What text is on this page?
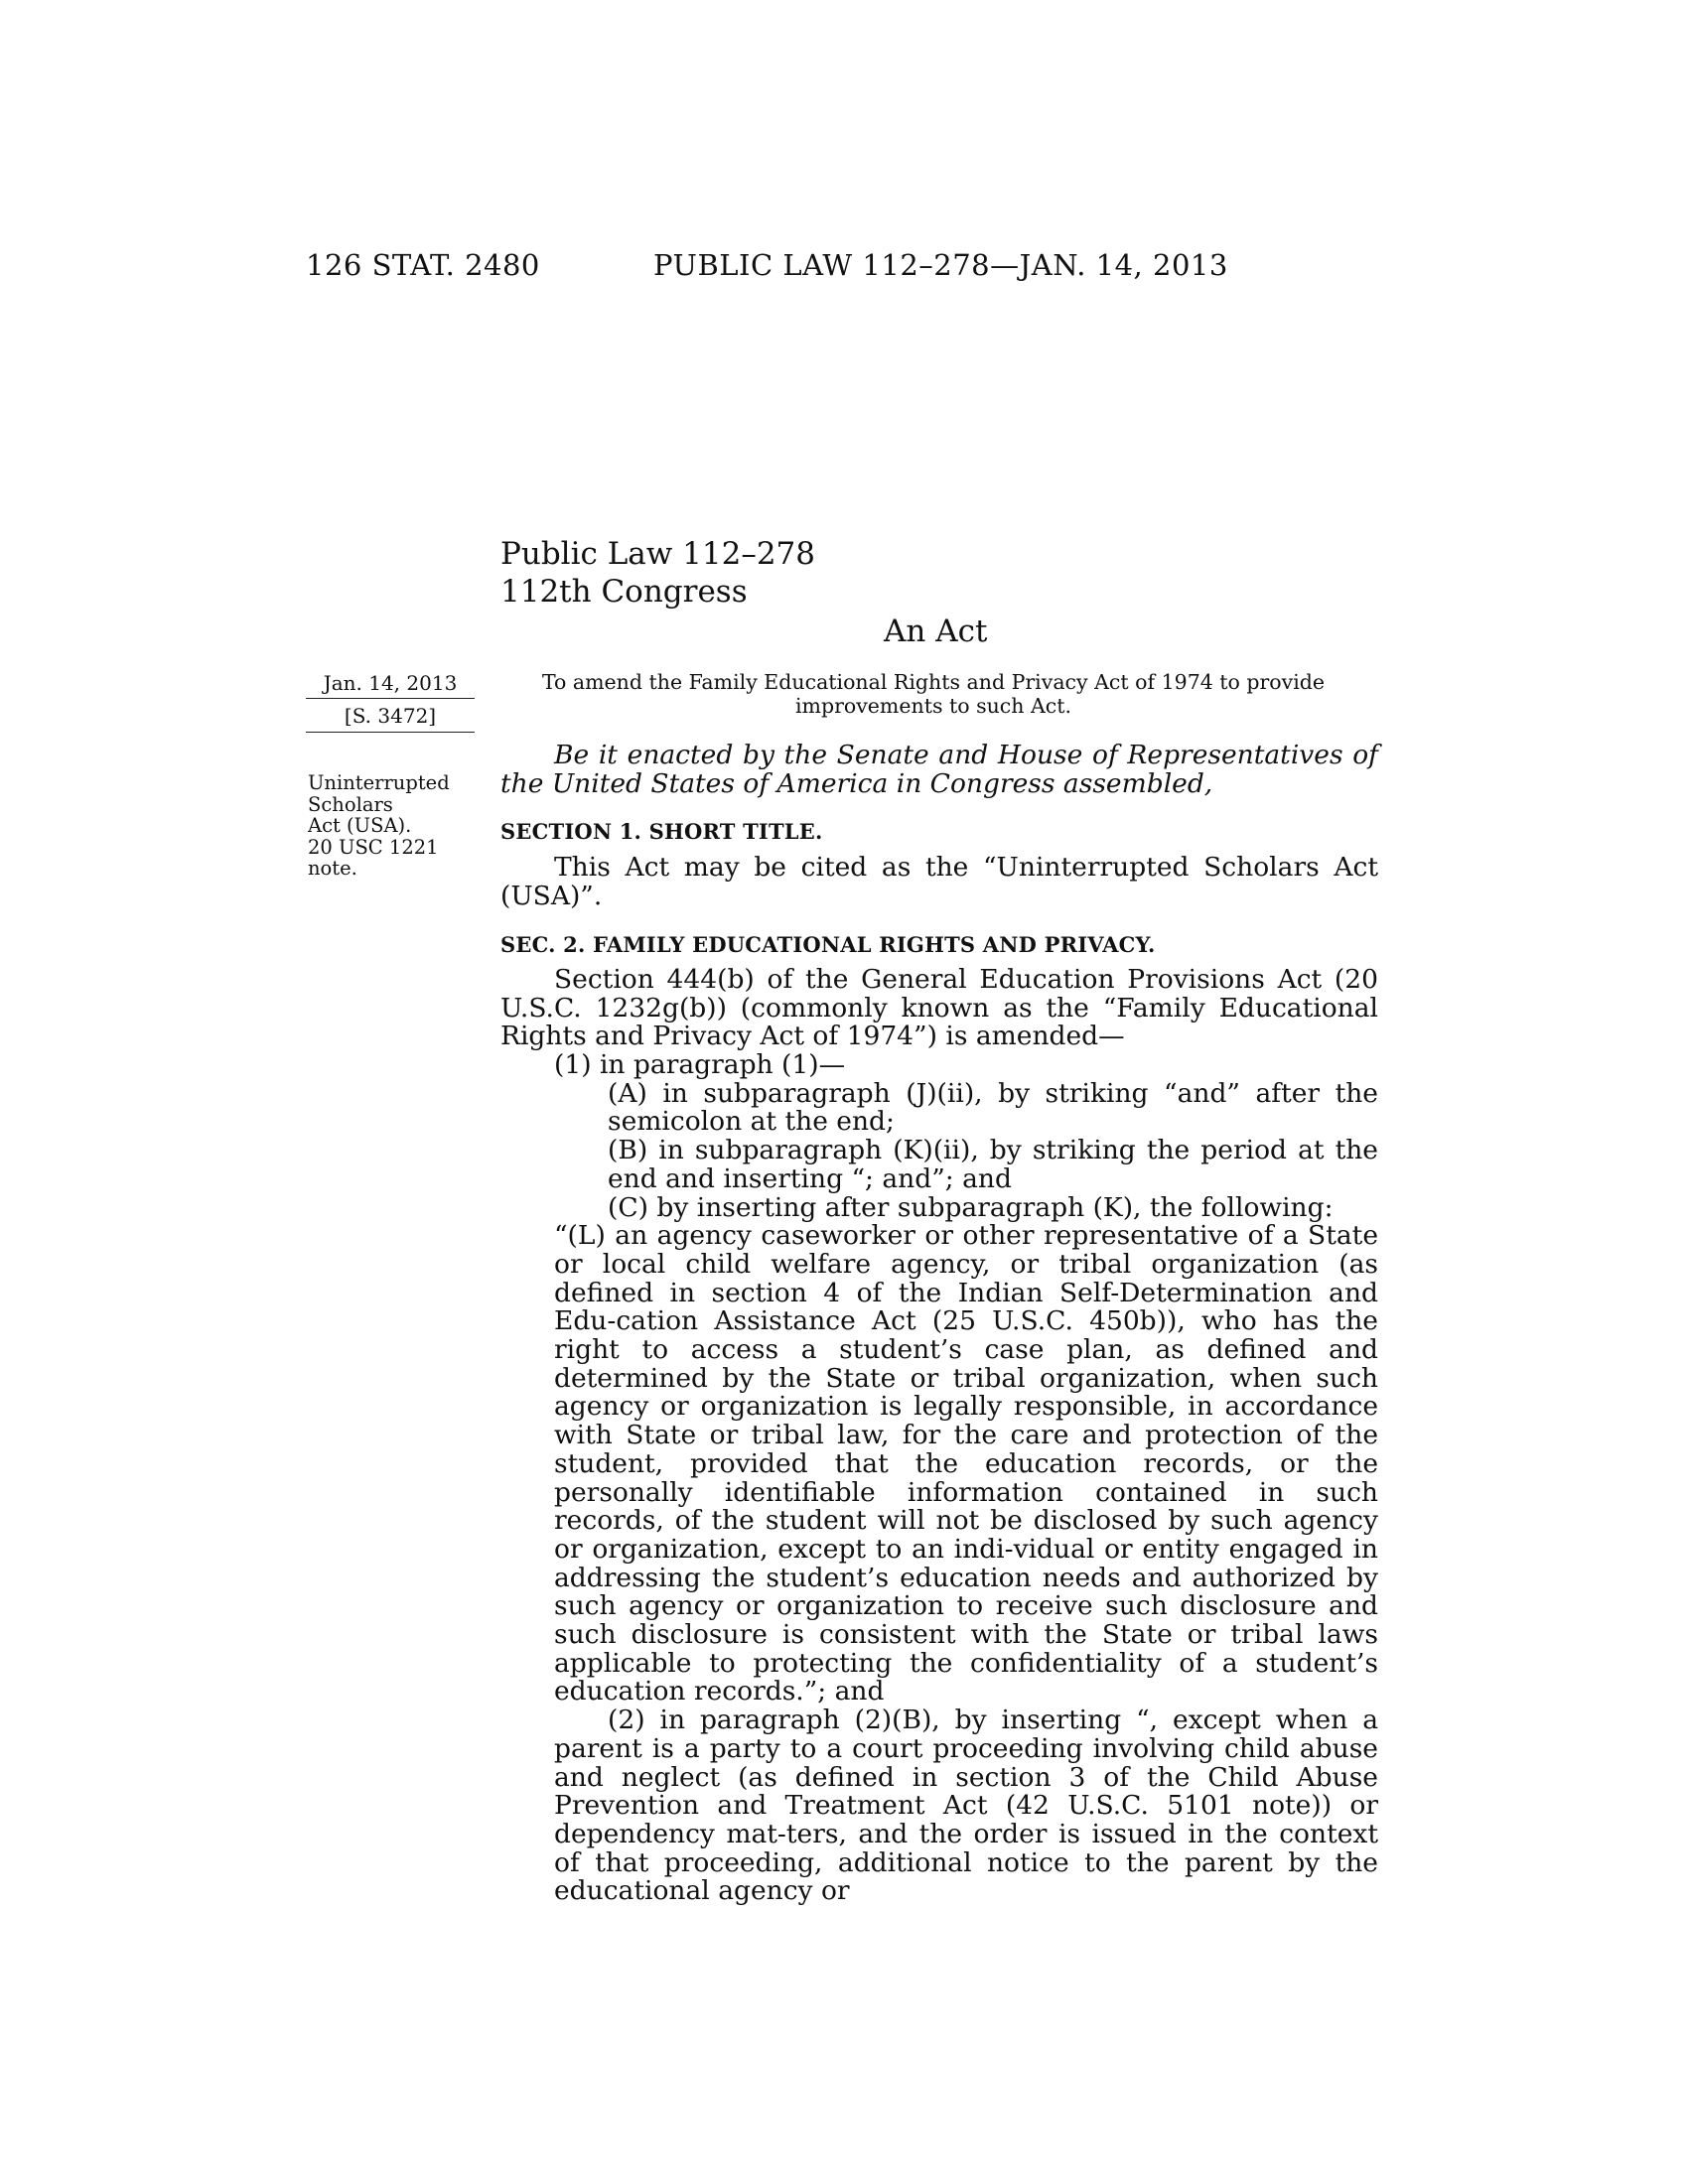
126 STAT. 2480	PUBLIC LAW 112–278—JAN. 14, 2013
Public Law 112–278
112th Congress
An Act
Jan. 14, 2013
[S. 3472]
Uninterrupted
Scholars
Act (USA).
20 USC 1221
note.
To amend the Family Educational Rights and Privacy Act of 1974 to provide improvements to such Act.
Be it enacted by the Senate and House of Representatives of the United States of America in Congress assembled,
SECTION 1. SHORT TITLE.
This Act may be cited as the “Uninterrupted Scholars Act (USA)”.
SEC. 2. FAMILY EDUCATIONAL RIGHTS AND PRIVACY.
Section 444(b) of the General Education Provisions Act (20 U.S.C. 1232g(b)) (commonly known as the “Family Educational Rights and Privacy Act of 1974”) is amended—
(1) in paragraph (1)—
(A) in subparagraph (J)(ii), by striking “and” after the semicolon at the end;
(B) in subparagraph (K)(ii), by striking the period at the end and inserting “; and”; and
(C) by inserting after subparagraph (K), the following:
“(L) an agency caseworker or other representative of a State or local child welfare agency, or tribal organization (as defined in section 4 of the Indian Self-Determination and Edu-cation Assistance Act (25 U.S.C. 450b)), who has the right to access a student’s case plan, as defined and determined by the State or tribal organization, when such agency or organization is legally responsible, in accordance with State or tribal law, for the care and protection of the student, provided that the education records, or the personally identifiable information contained in such records, of the student will not be disclosed by such agency or organization, except to an indi-vidual or entity engaged in addressing the student’s education needs and authorized by such agency or organization to receive such disclosure and such disclosure is consistent with the State or tribal laws applicable to protecting the confidentiality of a student’s education records.”; and
(2) in paragraph (2)(B), by inserting “, except when a parent is a party to a court proceeding involving child abuse and neglect (as defined in section 3 of the Child Abuse Prevention and Treatment Act (42 U.S.C. 5101 note)) or dependency mat-ters, and the order is issued in the context of that proceeding, additional notice to the parent by the educational agency or
